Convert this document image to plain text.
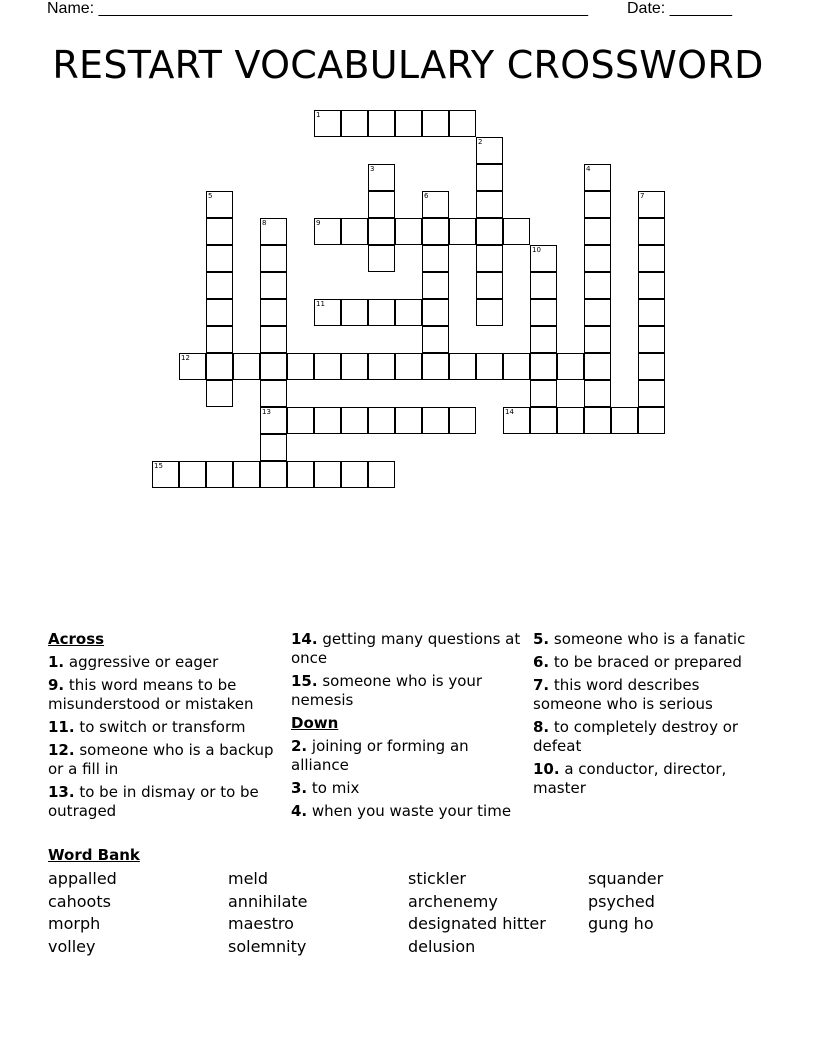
Name: _______________________________________________________ Date: _______
RESTART VOCABULARY CROSSWORD
1
2
3	4
5	6	7
8
13
9
10
11
12
14
15
Across
1. aggressive or eager
9. this word means to be misunderstood or mistaken
11. to switch or transform
12. someone who is a backup or a fill in
13. to be in dismay or to be outraged
14. getting many questions at once
15. someone who is your nemesis
Down
2. joining or forming an alliance
3. to mix
4. when you waste your time
5. someone who is a fanatic
6. to be braced or prepared
7. this word describes someone who is serious
8. to completely destroy or defeat
10. a conductor, director, master
Word Bank
appalled
cahoots
morph
volley
meld
annihilate
maestro
solemnity
stickler
archenemy
designated hitter
delusion
squander
psyched
gung ho
